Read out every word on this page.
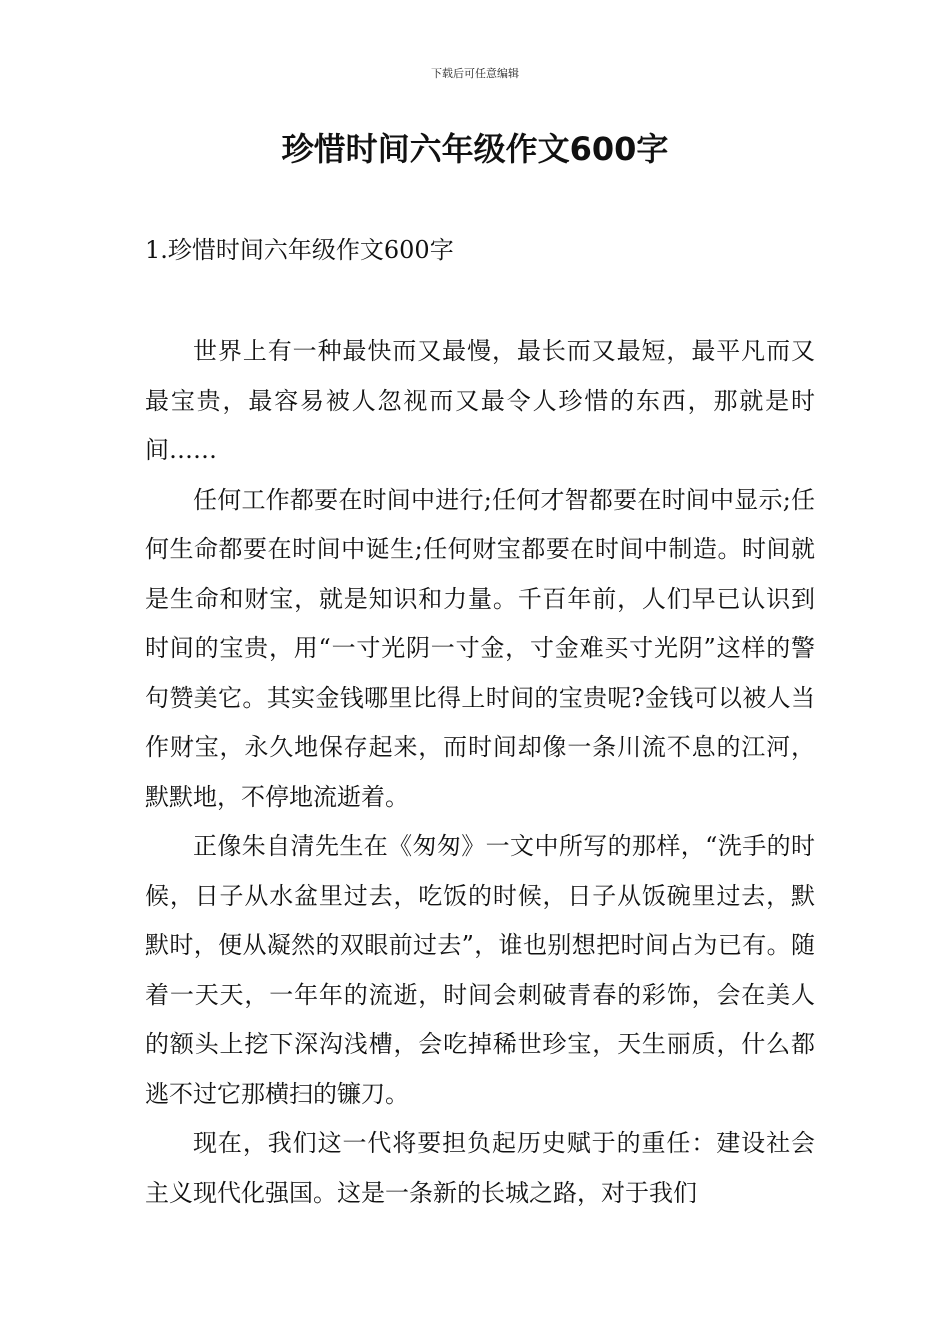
下载后可任意编辑
珍惜时间六年级作文600字
1.珍惜时间六年级作文600字

世界上有一种最快而又最慢，最长而又最短，最平凡而又最宝贵，最容易被人忽视而又最令人珍惜的东西，那就是时间……

任何工作都要在时间中进行;任何才智都要在时间中显示;任何生命都要在时间中诞生;任何财宝都要在时间中制造。时间就是生命和财宝，就是知识和力量。千百年前，人们早已认识到时间的宝贵，用“一寸光阴一寸金，寸金难买寸光阴”这样的警句赞美它。其实金钱哪里比得上时间的宝贵呢?金钱可以被人当作财宝，永久地保存起来，而时间却像一条川流不息的江河，默默地，不停地流逝着。

正像朱自清先生在《匆匆》一文中所写的那样，“洗手的时候，日子从水盆里过去，吃饭的时候，日子从饭碗里过去，默默时，便从凝然的双眼前过去”，谁也别想把时间占为已有。随着一天天，一年年的流逝，时间会刺破青春的彩饰，会在美人的额头上挖下深沟浅槽，会吃掉稀世珍宝，天生丽质，什么都逃不过它那横扫的镰刀。

现在，我们这一代将要担负起历史赋于的重任：建设社会主义现代化强国。这是一条新的长城之路，对于我们
